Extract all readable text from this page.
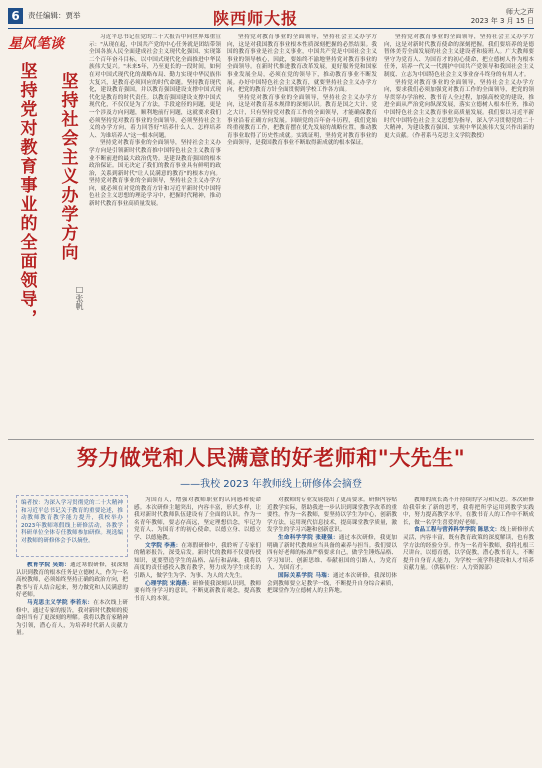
6	责任编辑：贾举	陕西师大报	师大之声
2023 年 3 月 15 日
星风笔谈
坚持党对教育事业的全面领导， 坚持社会主义办学方向
□张帆

习近平总书记在党的二十大报告中向世界郑重宣示："从现在起，中国共产党的中心任务就是团结带领全国各族人民全面建成社会主义现代化强国、实现第二个百年奋斗目标，以中国式现代化全面推进中华民族伟大复兴。"未来5年，乃至更长的一段时间，如何在对中国式现代化的战略布局、勤力实现中华民族伟大复兴，是教育必须回应的时代命题。坚持教育现代化，建设教育强国，并以教育强国建设支撑中国式现代化是教育的时代责任。以教育强国建设支撑中国式现代化，不仅仅是为了方法，手段途径的问题，更是一个涉及方向问题，顺利地前行问题，这就要求我们必须坚持党对教育事业的全面领导，必须坚持社会主义的办学方向，着力回答好"培养什么人、怎样培养人、为谁培养人"这一根本问题。

坚持党对教育事业的全面领导，坚持社会主义办学方向是引领新时代教育推中国特色社会主义教育事业不断前进的最大政治优势。是建设教育强国的根本政治保证。国无决定了我们的教育事业具有鲜明的政治，关系到新时代"让人民满意的教育"的根本方向。坚持党对教育事业的全面领导，坚持社会主义办学方向，就必须在对党的教育方针和习近平新时代中国特色社会主义思想的理论学习中，把握时代精神，推动新时代教育事业高质量发展。

坚持党对教育事业的全面领导，坚持社会主义办学方向，这是对我国教育事业根本性质深刻把握的必然结果。我国的教育事业是社会主义事业，中国共产党是中国社会主义事业的领导核心，因此，要始终不渝地坚持党对教育事业的全面领导。在新时代推进教育改革发展，更好服务党和国家事业发展全局，必须在党的领导下，推动教育事业不断发展。办好中国特色社会主义教育，就要坚持社会主义办学方向，把党的教育方针全面贯彻到学校工作各方面。

坚持党对教育事业的全面领导，坚持社会主义办学方向，这是对教育基本规律的深刻认识。教育是国之大计、党之大计，只有坚持党对教育工作的全面领导，才能确保教育事业沿着正确方向发展。回顾党的百年奋斗历程，我们党始终重视教育工作，把教育摆在优先发展的战略位置，推动教育事业取得了历史性成就。实践证明，坚持党对教育事业的全面领导，是我国教育事业不断取得新成就的根本保证。

坚持党对教育事业的全面领导，坚持社会主义办学方向，这是对新时代教育使命的深刻把握。我们要培养的是德智体美劳全面发展的社会主义建设者和接班人。广大教师要坚守为党育人、为国育才的初心使命，把立德树人作为根本任务，培养一代又一代拥护中国共产党领导和我国社会主义制度、立志为中国特色社会主义事业奋斗终身的有用人才。

坚持党对教育事业的全面领导，坚持社会主义办学方向，要求我们必须加强党对教育工作的全面领导，把党的领导贯穿办学治校、教书育人全过程，加强高校党的建设，推进全面从严治党向纵深发展，落实立德树人根本任务，推动中国特色社会主义教育事业高质量发展。我们要以习近平新时代中国特色社会主义思想为指导，深入学习贯彻党的二十大精神，为建设教育强国、实现中华民族伟大复兴作出新的更大贡献。（作者系马克思主义学院教授）

努力做党和人民满意的好老师和"大先生"
——我校 2023 年教师线上研修体会摘登
编者按：为深入学习贯彻党的二十大精神和习近平总书记关于教育的重要论述，推动教师教育教学能力提升，我校举办2023年教师寒假线上研修活动，各教学科研单位全体专任教师参加研修。现选编对教师的研修体会予以摘登。

教育学院 吴娟：通过寒假研修，我深刻认识到教育的根本任务是立德树人，作为一名高校教师，必须始终坚持正确的政治方向，把教书与育人结合起来，努力做党和人民满意的好老师。

马克思主义学院 李若东：在本次线上研修中，通过专家的报告，我对新时代教师的使命担当有了更深刻的理解。我将以教育家精神为引领，潜心育人，为培养时代新人贡献力量。

为国育人，增强对教师职业的认同感和使命感。本次研修主题突出，内容丰富，形式多样，让我对新时代教师队伍建设有了全面的认识。作为一名青年教师，要志存高远，坚定理想信念，牢记为党育人、为国育才的初心使命，以德立身、以德立学、以德施教。

文学院 李燕：在寒假研修中，我聆听了专家们的精彩报告，深受启发。新时代的教师不仅要传授知识，更要塑造学生的品格、品行和品味。我将以高度的责任感投入教育教学，努力成为学生成长的引路人，做学生为学、为事、为人的大先生。

心理学院 宋海燕：研修使我深刻认识到，教师要有终身学习的意识，不断更新教育观念，提高教书育人的本领。

对教师的专业发展提出了更高要求。研修内容贴近教学实际，帮助我进一步认识到课堂教学改革的重要性。作为一名教师，要坚持以学生为中心，创新教学方法，运用现代信息技术，提高课堂教学质量，激发学生的学习兴趣和创新意识。

生命科学学院 张建强：通过本次研修，我更加明确了新时代教师应当具备的素养与担当。我们要以四有好老师的标准严格要求自己，做学生锤炼品格、学习知识、创新思维、奉献祖国的引路人，为党育人、为国育才。

国际关系学院 马瑞：通过本次研修，我深切体会到教师要立足教学一线，不断提升自身综合素质，把课堂作为立德树人的主阵地。

教师的成长离不开持续的学习和反思。本次研修给我带来了新的思考，我将把所学运用到教学实践中，努力提高教学水平，在教书育人的工作中不断成长，做一名学生喜爱的好老师。

食品工程与营养科学学院 陈思文：线上研修形式灵活，内容丰富，既有教育政策的深度解读，也有教学方法的经验分享。作为一名青年教师，我将扎根三尺讲台，以德育德，以学促教，潜心教书育人，不断提升自身育人能力，为学校一流学科建设和人才培养贡献力量。（供稿单位：人力资源部）
